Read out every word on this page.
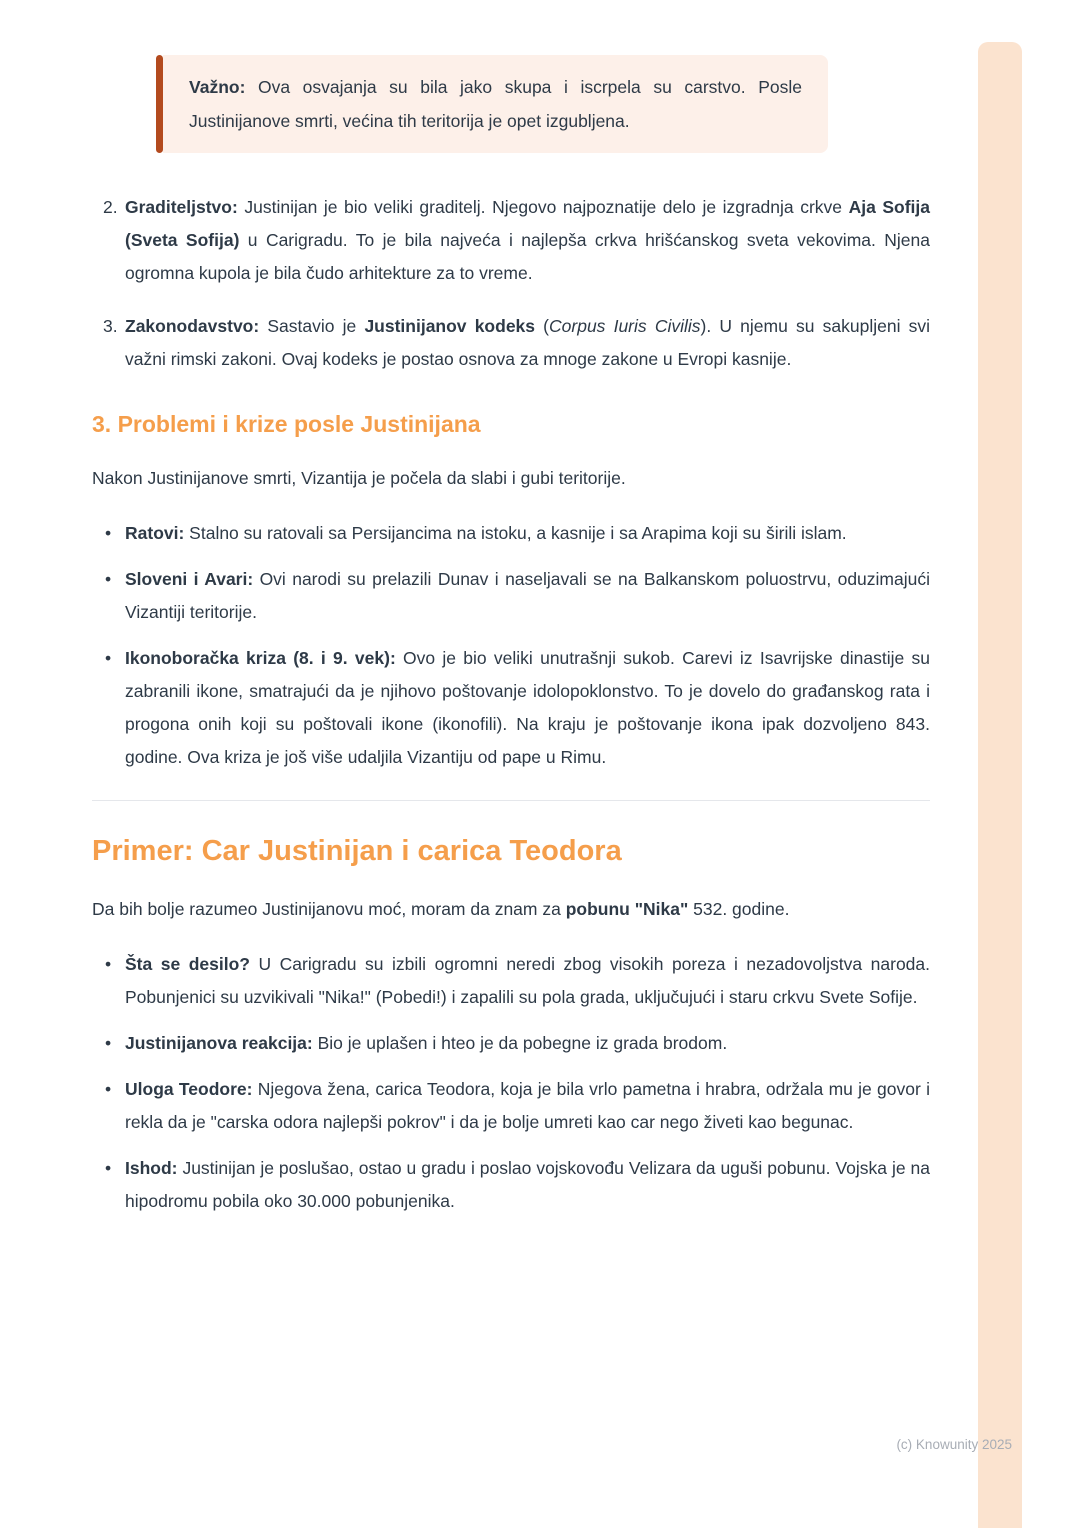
Važno: Ova osvajanja su bila jako skupa i iscrpela su carstvo. Posle Justinijanove smrti, većina tih teritorija je opet izgubljena.

2. Graditeljstvo: Justinijan je bio veliki graditelj. Njegovo najpoznatije delo je izgradnja crkve Aja Sofija (Sveta Sofija) u Carigradu. To je bila najveća i najlepša crkva hrišćanskog sveta vekovima. Njena ogromna kupola je bila čudo arhitekture za to vreme.

3. Zakonodavstvo: Sastavio je Justinijanov kodeks (Corpus Iuris Civilis). U njemu su sakupljeni svi važni rimski zakoni. Ovaj kodeks je postao osnova za mnoge zakone u Evropi kasnije.

3. Problemi i krize posle Justinijana

Nakon Justinijanove smrti, Vizantija je počela da slabi i gubi teritorije.

• Ratovi: Stalno su ratovali sa Persijancima na istoku, a kasnije i sa Arapima koji su širili islam.

• Sloveni i Avari: Ovi narodi su prelazili Dunav i naseljavali se na Balkanskom poluostrvu, oduzimajući Vizantiji teritorije.

• Ikonoboračka kriza (8. i 9. vek): Ovo je bio veliki unutrašnji sukob. Carevi iz Isavrijske dinastije su zabranili ikone, smatrajući da je njihovo poštovanje idolopoklonstvo. To je dovelo do građanskog rata i progona onih koji su poštovali ikone (ikonofili). Na kraju je poštovanje ikona ipak dozvoljeno 843. godine. Ova kriza je još više udaljila Vizantiju od pape u Rimu.

Primer: Car Justinijan i carica Teodora

Da bih bolje razumeo Justinijanovu moć, moram da znam za pobunu "Nika" 532. godine.

• Šta se desilo? U Carigradu su izbili ogromni neredi zbog visokih poreza i nezadovoljstva naroda. Pobunjenici su uzvikivali "Nika!" (Pobedi!) i zapalili su pola grada, uključujući i staru crkvu Svete Sofije.

• Justinijanova reakcija: Bio je uplašen i hteo je da pobegne iz grada brodom.

• Uloga Teodore: Njegova žena, carica Teodora, koja je bila vrlo pametna i hrabra, održala mu je govor i rekla da je "carska odora najlepši pokrov" i da je bolje umreti kao car nego živeti kao begunac.

• Ishod: Justinijan je poslušao, ostao u gradu i poslao vojskovođu Velizara da uguši pobunu. Vojska je na hipodromu pobila oko 30.000 pobunjenika.

(c) Knowunity 2025
